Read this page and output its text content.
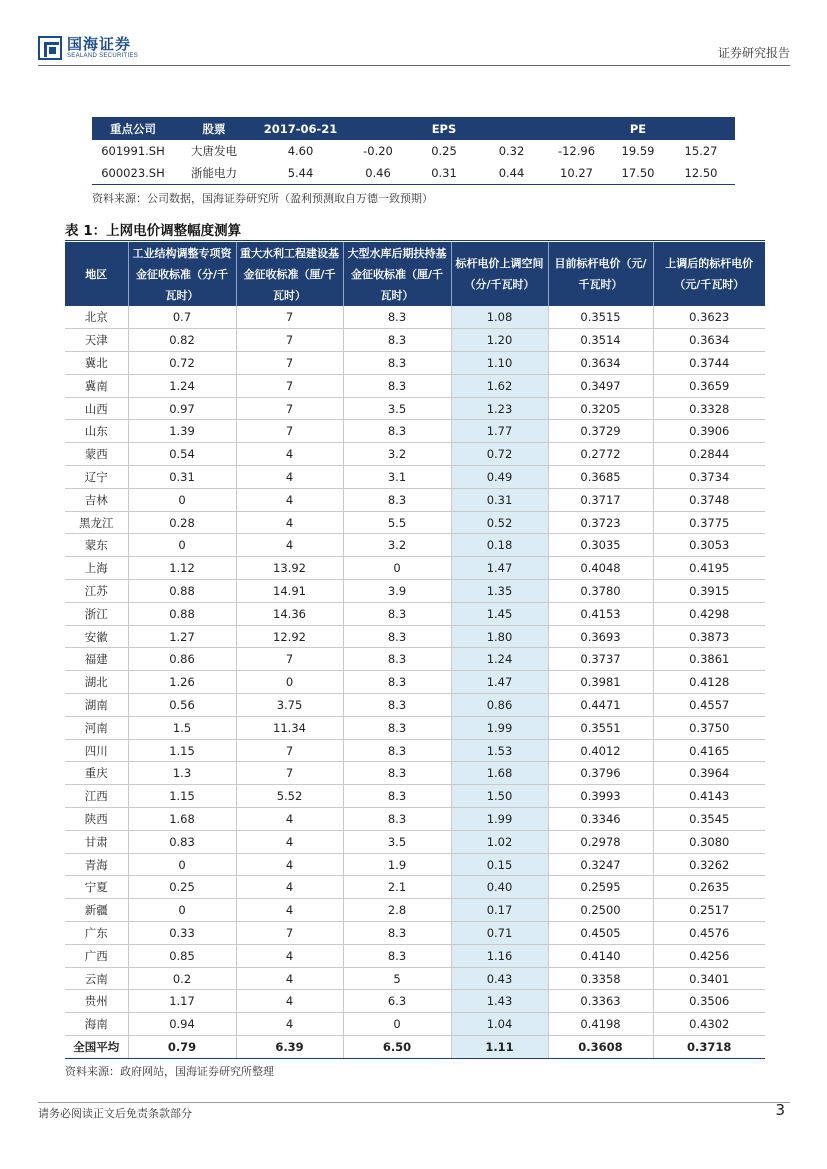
国海证券
SEALAND SECURITIES	证券研究报告
重点公司	股票	2017-06-21		EPS			PE	
601991.SH	大唐发电	4.60	-0.20	0.25	0.32	-12.96	19.59	15.27
600023.SH	浙能电力	5.44	0.46	0.31	0.44	10.27	17.50	12.50
资料来源：公司数据，国海证券研究所（盈利预测取自万德一致预期）
表 1：上网电价调整幅度测算
地区	工业结构调整专项资金征收标准（分/千瓦时）	重大水利工程建设基金征收标准（厘/千瓦时）	大型水库后期扶持基金征收标准（厘/千瓦时）	标杆电价上调空间（分/千瓦时）	目前标杆电价（元/千瓦时）	上调后的标杆电价（元/千瓦时）
北京	0.7	7	8.3	1.08	0.3515	0.3623
天津	0.82	7	8.3	1.20	0.3514	0.3634
冀北	0.72	7	8.3	1.10	0.3634	0.3744
冀南	1.24	7	8.3	1.62	0.3497	0.3659
山西	0.97	7	3.5	1.23	0.3205	0.3328
山东	1.39	7	8.3	1.77	0.3729	0.3906
蒙西	0.54	4	3.2	0.72	0.2772	0.2844
辽宁	0.31	4	3.1	0.49	0.3685	0.3734
吉林	0	4	8.3	0.31	0.3717	0.3748
黑龙江	0.28	4	5.5	0.52	0.3723	0.3775
蒙东	0	4	3.2	0.18	0.3035	0.3053
上海	1.12	13.92	0	1.47	0.4048	0.4195
江苏	0.88	14.91	3.9	1.35	0.3780	0.3915
浙江	0.88	14.36	8.3	1.45	0.4153	0.4298
安徽	1.27	12.92	8.3	1.80	0.3693	0.3873
福建	0.86	7	8.3	1.24	0.3737	0.3861
湖北	1.26	0	8.3	1.47	0.3981	0.4128
湖南	0.56	3.75	8.3	0.86	0.4471	0.4557
河南	1.5	11.34	8.3	1.99	0.3551	0.3750
四川	1.15	7	8.3	1.53	0.4012	0.4165
重庆	1.3	7	8.3	1.68	0.3796	0.3964
江西	1.15	5.52	8.3	1.50	0.3993	0.4143
陕西	1.68	4	8.3	1.99	0.3346	0.3545
甘肃	0.83	4	3.5	1.02	0.2978	0.3080
青海	0	4	1.9	0.15	0.3247	0.3262
宁夏	0.25	4	2.1	0.40	0.2595	0.2635
新疆	0	4	2.8	0.17	0.2500	0.2517
广东	0.33	7	8.3	0.71	0.4505	0.4576
广西	0.85	4	8.3	1.16	0.4140	0.4256
云南	0.2	4	5	0.43	0.3358	0.3401
贵州	1.17	4	6.3	1.43	0.3363	0.3506
海南	0.94	4	0	1.04	0.4198	0.4302
全国平均	0.79	6.39	6.50	1.11	0.3608	0.3718
资料来源：政府网站，国海证券研究所整理
请务必阅读正文后免责条款部分	3
